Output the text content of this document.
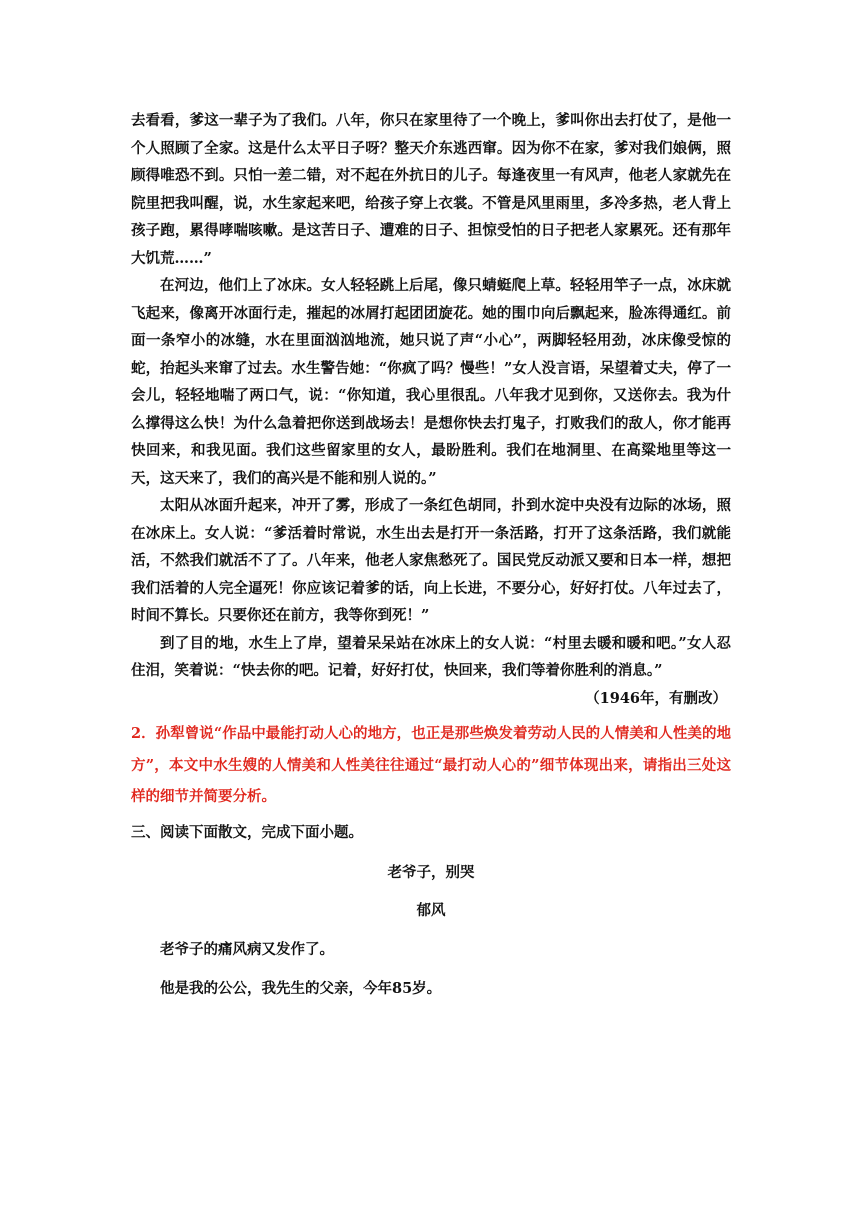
去看看，爹这一辈子为了我们。八年，你只在家里待了一个晚上，爹叫你出去打仗了，是他一个人照顾了全家。这是什么太平日子呀？整天介东逃西窜。因为你不在家，爹对我们娘俩，照顾得唯恐不到。只怕一差二错，对不起在外抗日的儿子。每逢夜里一有风声，他老人家就先在院里把我叫醒，说，水生家起来吧，给孩子穿上衣裳。不管是风里雨里，多冷多热，老人背上孩子跑，累得哮喘咳嗽。是这苦日子、遭难的日子、担惊受怕的日子把老人家累死。还有那年大饥荒……”

在河边，他们上了冰床。女人轻轻跳上后尾，像只蜻蜓爬上草。轻轻用竿子一点，冰床就飞起来，像离开冰面行走，摧起的冰屑打起团团旋花。她的围巾向后飘起来，脸冻得通红。前面一条窄小的冰缝，水在里面汹汹地流，她只说了声“小心”，两脚轻轻用劲，冰床像受惊的蛇，抬起头来窜了过去。水生警告她：“你疯了吗？慢些！”女人没言语，呆望着丈夫，停了一会儿，轻轻地喘了两口气，说：“你知道，我心里很乱。八年我才见到你，又送你去。我为什么撑得这么快！为什么急着把你送到战场去！是想你快去打鬼子，打败我们的敌人，你才能再快回来，和我见面。我们这些留家里的女人，最盼胜利。我们在地洞里、在高粱地里等这一天，这天来了，我们的高兴是不能和别人说的。”

太阳从冰面升起来，冲开了雾，形成了一条红色胡同，扑到水淀中央没有边际的冰场，照在冰床上。女人说：“爹活着时常说，水生出去是打开一条活路，打开了这条活路，我们就能活，不然我们就活不了了。八年来，他老人家焦愁死了。国民党反动派又要和日本一样，想把我们活着的人完全逼死！你应该记着爹的话，向上长进，不要分心，好好打仗。八年过去了，时间不算长。只要你还在前方，我等你到死！”

到了目的地，水生上了岸，望着呆呆站在冰床上的女人说：“村里去暖和暖和吧。”女人忍住泪，笑着说：“快去你的吧。记着，好好打仗，快回来，我们等着你胜利的消息。”

（1946年，有删改）

2．孙犁曾说“作品中最能打动人心的地方，也正是那些焕发着劳动人民的人情美和人性美的地方”，本文中水生嫂的人情美和人性美往往通过“最打动人心的”细节体现出来，请指出三处这样的细节并简要分析。

三、阅读下面散文，完成下面小题。

老爷子，别哭

郁风

老爷子的痛风病又发作了。

他是我的公公，我先生的父亲，今年85岁。
